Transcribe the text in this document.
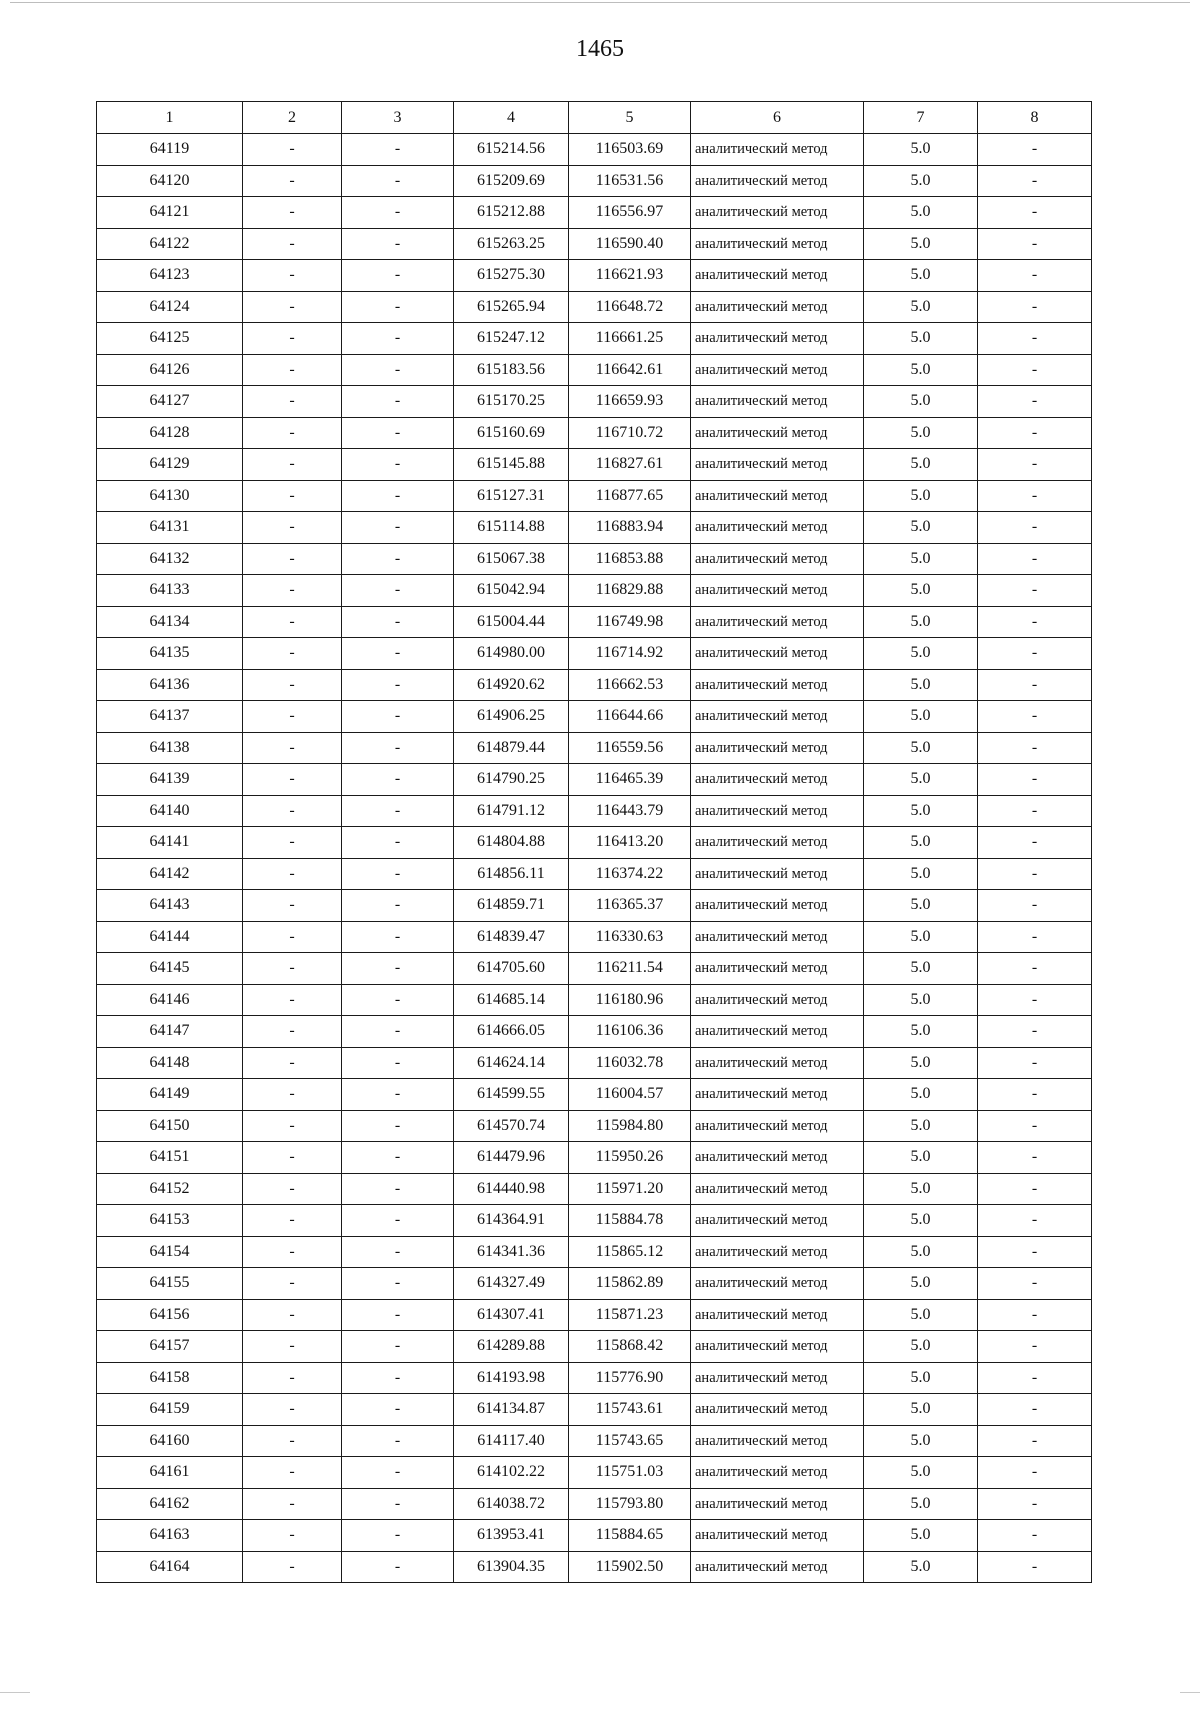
1465
1	2	3	4	5	6	7	8
64119	-	-	615214.56	116503.69	аналитический метод	5.0	-
64120	-	-	615209.69	116531.56	аналитический метод	5.0	-
64121	-	-	615212.88	116556.97	аналитический метод	5.0	-
64122	-	-	615263.25	116590.40	аналитический метод	5.0	-
64123	-	-	615275.30	116621.93	аналитический метод	5.0	-
64124	-	-	615265.94	116648.72	аналитический метод	5.0	-
64125	-	-	615247.12	116661.25	аналитический метод	5.0	-
64126	-	-	615183.56	116642.61	аналитический метод	5.0	-
64127	-	-	615170.25	116659.93	аналитический метод	5.0	-
64128	-	-	615160.69	116710.72	аналитический метод	5.0	-
64129	-	-	615145.88	116827.61	аналитический метод	5.0	-
64130	-	-	615127.31	116877.65	аналитический метод	5.0	-
64131	-	-	615114.88	116883.94	аналитический метод	5.0	-
64132	-	-	615067.38	116853.88	аналитический метод	5.0	-
64133	-	-	615042.94	116829.88	аналитический метод	5.0	-
64134	-	-	615004.44	116749.98	аналитический метод	5.0	-
64135	-	-	614980.00	116714.92	аналитический метод	5.0	-
64136	-	-	614920.62	116662.53	аналитический метод	5.0	-
64137	-	-	614906.25	116644.66	аналитический метод	5.0	-
64138	-	-	614879.44	116559.56	аналитический метод	5.0	-
64139	-	-	614790.25	116465.39	аналитический метод	5.0	-
64140	-	-	614791.12	116443.79	аналитический метод	5.0	-
64141	-	-	614804.88	116413.20	аналитический метод	5.0	-
64142	-	-	614856.11	116374.22	аналитический метод	5.0	-
64143	-	-	614859.71	116365.37	аналитический метод	5.0	-
64144	-	-	614839.47	116330.63	аналитический метод	5.0	-
64145	-	-	614705.60	116211.54	аналитический метод	5.0	-
64146	-	-	614685.14	116180.96	аналитический метод	5.0	-
64147	-	-	614666.05	116106.36	аналитический метод	5.0	-
64148	-	-	614624.14	116032.78	аналитический метод	5.0	-
64149	-	-	614599.55	116004.57	аналитический метод	5.0	-
64150	-	-	614570.74	115984.80	аналитический метод	5.0	-
64151	-	-	614479.96	115950.26	аналитический метод	5.0	-
64152	-	-	614440.98	115971.20	аналитический метод	5.0	-
64153	-	-	614364.91	115884.78	аналитический метод	5.0	-
64154	-	-	614341.36	115865.12	аналитический метод	5.0	-
64155	-	-	614327.49	115862.89	аналитический метод	5.0	-
64156	-	-	614307.41	115871.23	аналитический метод	5.0	-
64157	-	-	614289.88	115868.42	аналитический метод	5.0	-
64158	-	-	614193.98	115776.90	аналитический метод	5.0	-
64159	-	-	614134.87	115743.61	аналитический метод	5.0	-
64160	-	-	614117.40	115743.65	аналитический метод	5.0	-
64161	-	-	614102.22	115751.03	аналитический метод	5.0	-
64162	-	-	614038.72	115793.80	аналитический метод	5.0	-
64163	-	-	613953.41	115884.65	аналитический метод	5.0	-
64164	-	-	613904.35	115902.50	аналитический метод	5.0	-
